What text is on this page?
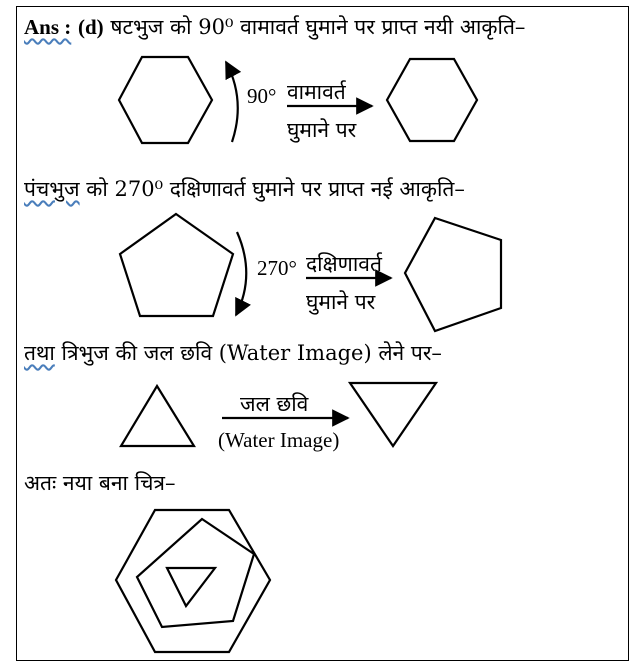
Ans : (d) षटभुज को 90⁰ वामावर्त घुमाने पर प्राप्त नयी आकृति–
90° वामावर्त
घुमाने पर
पंचभुज को 270⁰ दक्षिणावर्त घुमाने पर प्राप्त नई आकृति–
270° दक्षिणावर्त
घुमाने पर
तथा त्रिभुज की जल छवि (Water Image) लेने पर–
जल छवि
(Water Image)
अतः नया बना चित्र–
